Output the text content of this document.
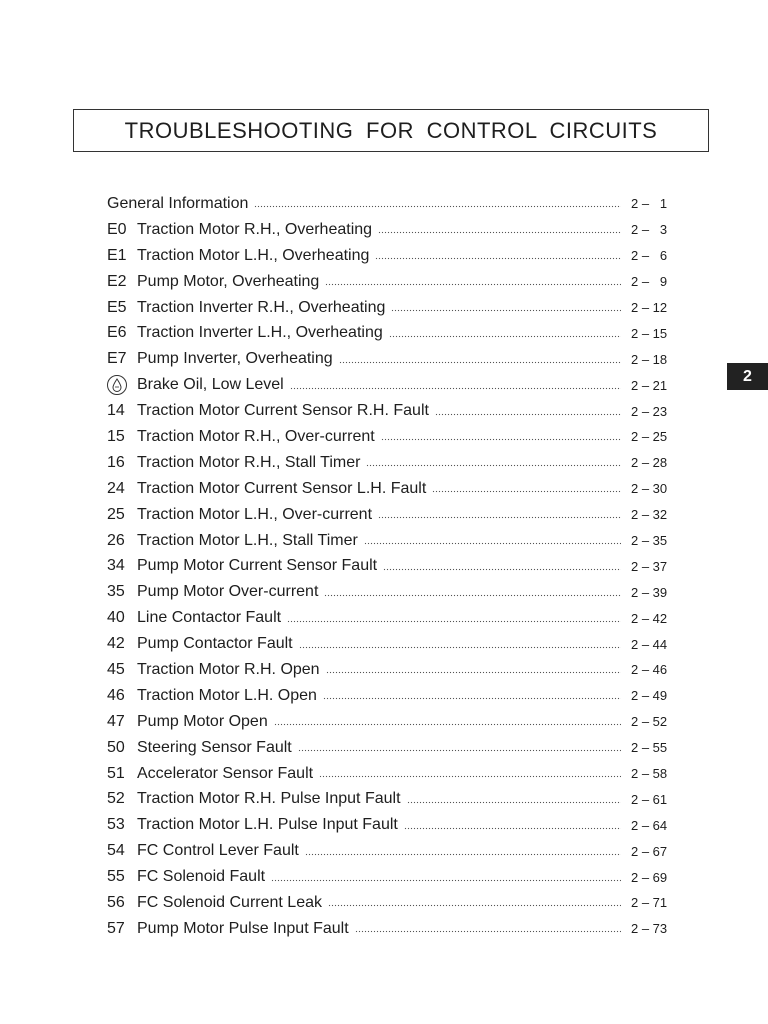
TROUBLESHOOTING FOR CONTROL CIRCUITS
2
General Information	2 –   1
E0 Traction Motor R.H., Overheating	2 –   3
E1 Traction Motor L.H., Overheating	2 –   6
E2 Pump Motor, Overheating	2 –   9
E5 Traction Inverter R.H., Overheating	2 – 12
E6 Traction Inverter L.H., Overheating	2 – 15
E7 Pump Inverter, Overheating	2 – 18
Brake Oil, Low Level	2 – 21
14 Traction Motor Current Sensor R.H. Fault	2 – 23
15 Traction Motor R.H., Over-current	2 – 25
16 Traction Motor R.H., Stall Timer	2 – 28
24 Traction Motor Current Sensor L.H. Fault	2 – 30
25 Traction Motor L.H., Over-current	2 – 32
26 Traction Motor L.H., Stall Timer	2 – 35
34 Pump Motor Current Sensor Fault	2 – 37
35 Pump Motor Over-current	2 – 39
40 Line Contactor Fault	2 – 42
42 Pump Contactor Fault	2 – 44
45 Traction Motor R.H. Open	2 – 46
46 Traction Motor L.H. Open	2 – 49
47 Pump Motor Open	2 – 52
50 Steering Sensor Fault	2 – 55
51 Accelerator Sensor Fault	2 – 58
52 Traction Motor R.H. Pulse Input Fault	2 – 61
53 Traction Motor L.H. Pulse Input Fault	2 – 64
54 FC Control Lever Fault	2 – 67
55 FC Solenoid Fault	2 – 69
56 FC Solenoid Current Leak	2 – 71
57 Pump Motor Pulse Input Fault	2 – 73
